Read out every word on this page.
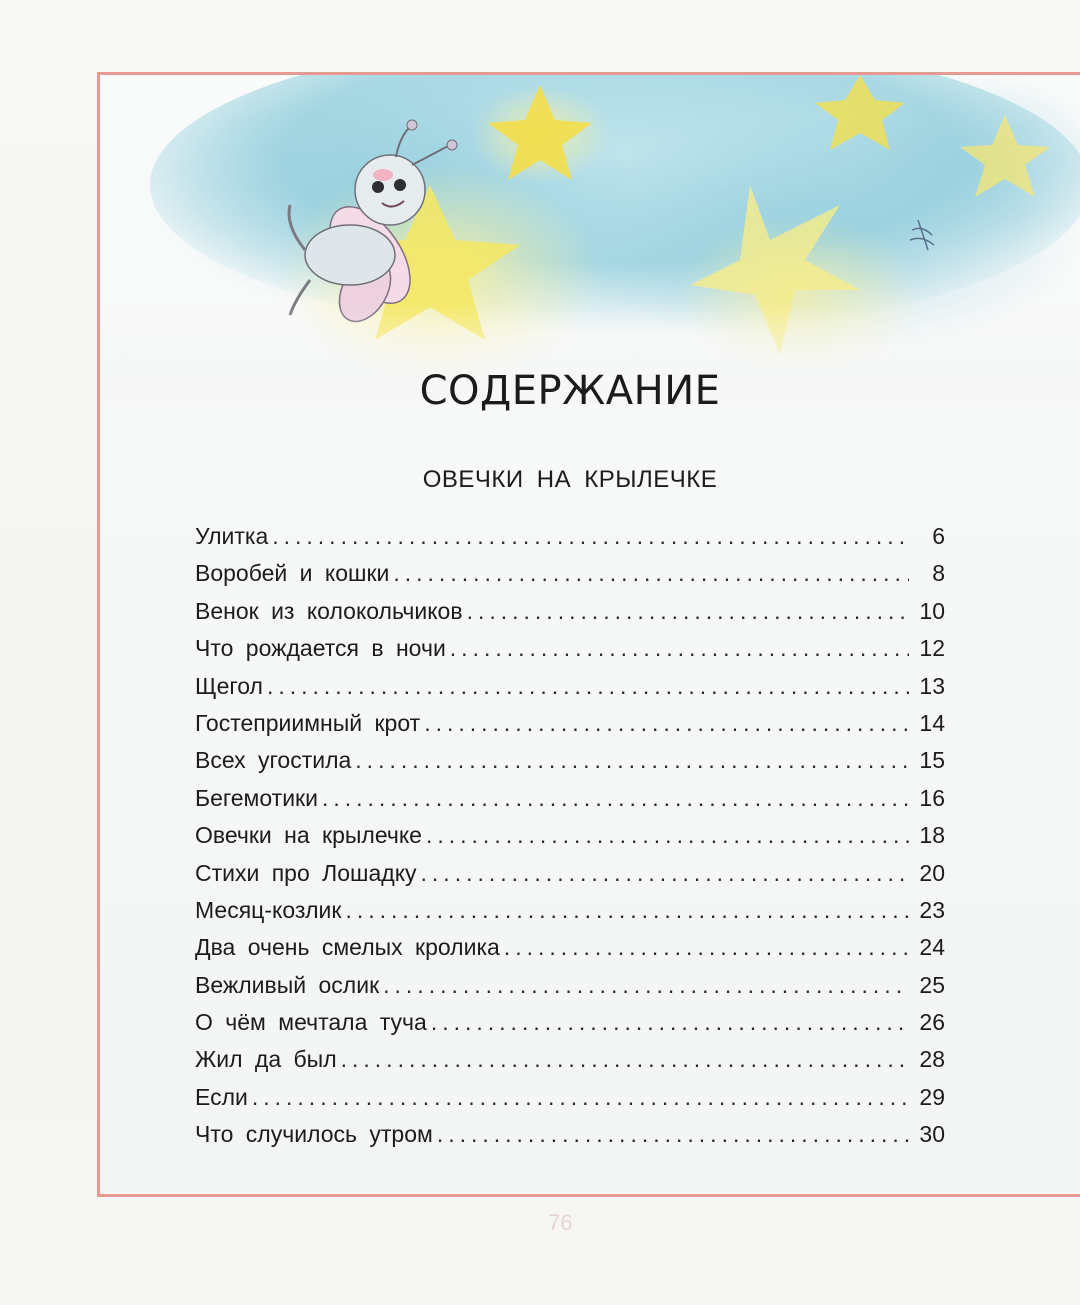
СОДЕРЖАНИЕ
ОВЕЧКИ НА КРЫЛЕЧКЕ
Улитка .....	6
Воробей и кошки .....	8
Венок из колокольчиков .....	10
Что рождается в ночи .....	12
Щегол .....	13
Гостеприимный крот .....	14
Всех угостила .....	15
Бегемотики .....	16
Овечки на крылечке .....	18
Стихи про Лошадку .....	20
Месяц-козлик .....	23
Два очень смелых кролика .....	24
Вежливый ослик .....	25
О чём мечтала туча .....	26
Жил да был .....	28
Если .....	29
Что случилось утром .....	30
76
